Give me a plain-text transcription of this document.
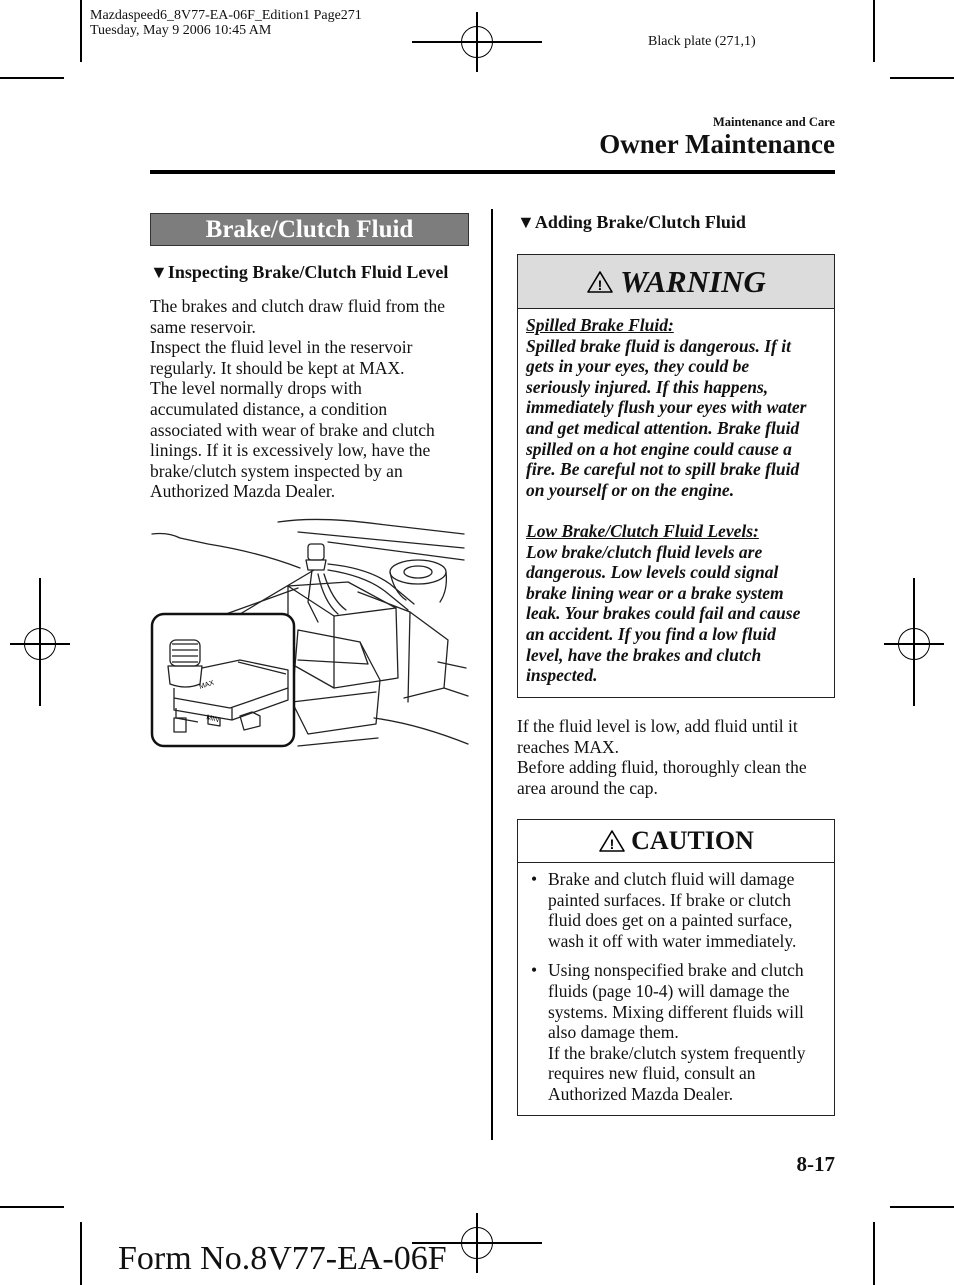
Mazdaspeed6_8V77-EA-06F_Edition1 Page271
Tuesday, May 9 2006 10:45 AM
Black plate (271,1)
Maintenance and Care
Owner Maintenance
Brake/Clutch Fluid
▼Inspecting Brake/Clutch Fluid Level
The brakes and clutch draw fluid from the
same reservoir.
Inspect the fluid level in the reservoir
regularly. It should be kept at MAX.
The level normally drops with
accumulated distance, a condition
associated with wear of brake and clutch
linings. If it is excessively low, have the
brake/clutch system inspected by an
Authorized Mazda Dealer.
MAX
MIN
▼Adding Brake/Clutch Fluid
! WARNING
Spilled Brake Fluid:
Spilled brake fluid is dangerous. If it
gets in your eyes, they could be
seriously injured. If this happens,
immediately flush your eyes with water
and get medical attention. Brake fluid
spilled on a hot engine could cause a
fire. Be careful not to spill brake fluid
on yourself or on the engine.
Low Brake/Clutch Fluid Levels:
Low brake/clutch fluid levels are
dangerous. Low levels could signal
brake lining wear or a brake system
leak. Your brakes could fail and cause
an accident. If you find a low fluid
level, have the brakes and clutch
inspected.
If the fluid level is low, add fluid until it
reaches MAX.
Before adding fluid, thoroughly clean the
area around the cap.
! CAUTION
• Brake and clutch fluid will damage
painted surfaces. If brake or clutch
fluid does get on a painted surface,
wash it off with water immediately.
• Using nonspecified brake and clutch
fluids (page 10-4) will damage the
systems. Mixing different fluids will
also damage them.
If the brake/clutch system frequently
requires new fluid, consult an
Authorized Mazda Dealer.
8-17
Form No.8V77-EA-06F
